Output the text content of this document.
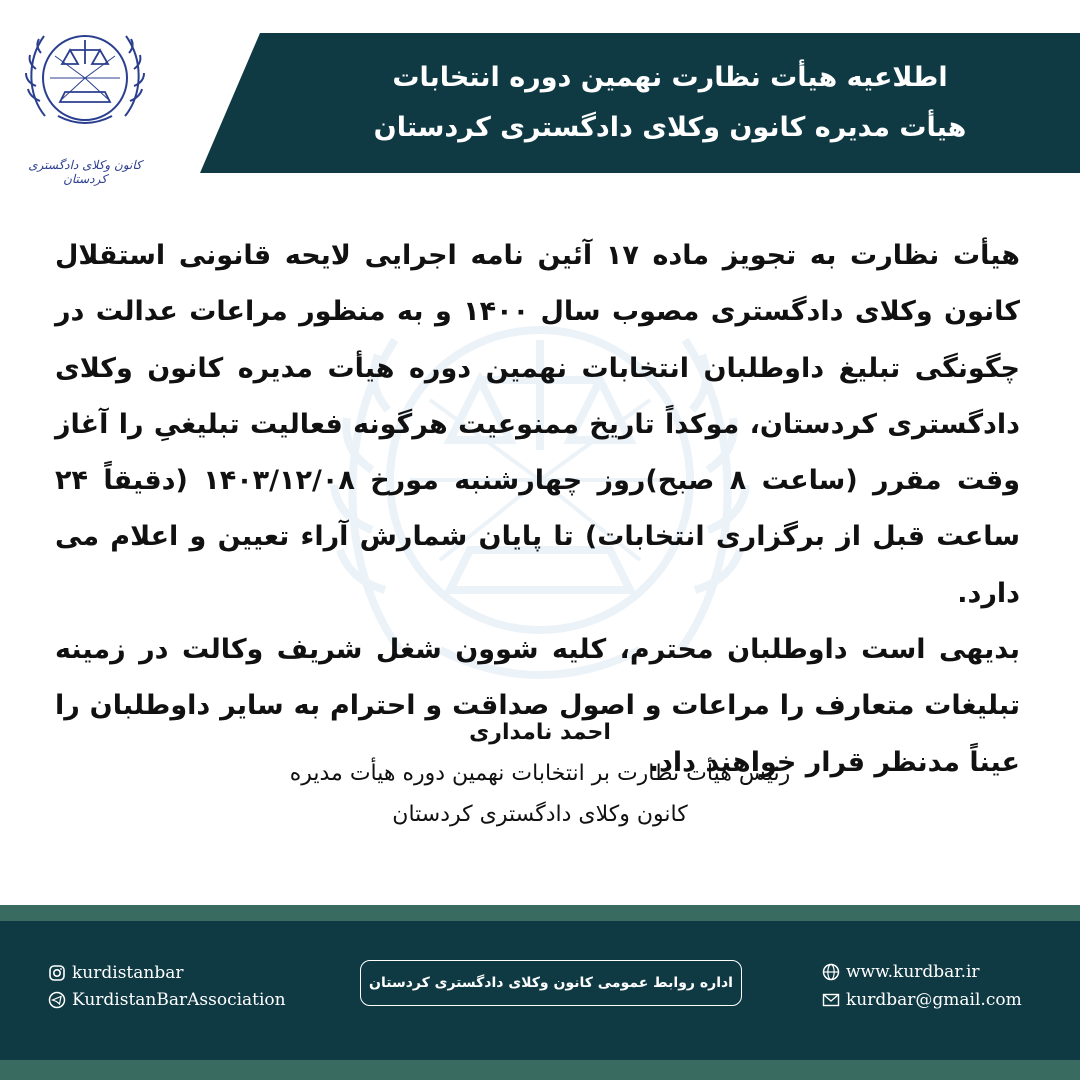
اطلاعیه هیأت نظارت نهمین دوره انتخابات
هیأت مدیره کانون وکلای دادگستری کردستان
کانون وکلای دادگستری کردستان

هیأت نظارت به تجویز ماده ۱۷ آئین نامه اجرایی لایحه قانونی استقلال کانون وکلای دادگستری مصوب سال ۱۴۰۰ و به منظور مراعات عدالت در چگونگی تبلیغ داوطلبان انتخابات نهمین دوره هیأت مدیره کانون وکلای دادگستری کردستان، موکداً تاریخ ممنوعیت هرگونه فعالیت تبلیغیِ را آغاز وقت مقرر (ساعت ۸ صبح)روز چهارشنبه مورخ ۱۴۰۳/۱۲/۰۸ (دقیقاً ۲۴ ساعت قبل از برگزاری انتخابات) تا پایان شمارش آراء تعیین و اعلام می دارد.

بدیهی است داوطلبان محترم، کلیه شوون شغل شریف وکالت در زمینه تبلیغات متعارف را مراعات و اصول صداقت و احترام به سایر داوطلبان را عیناً مدنظر قرار خواهند داد.

احمد نامداری
رئیس هیأت نظارت بر انتخابات نهمین دوره هیأت مدیره
کانون وکلای دادگستری کردستان
kurdistanbar
KurdistanBarAssociation
اداره روابط عمومی کانون وکلای دادگستری کردستان
www.kurdbar.ir
kurdbar@gmail.com
